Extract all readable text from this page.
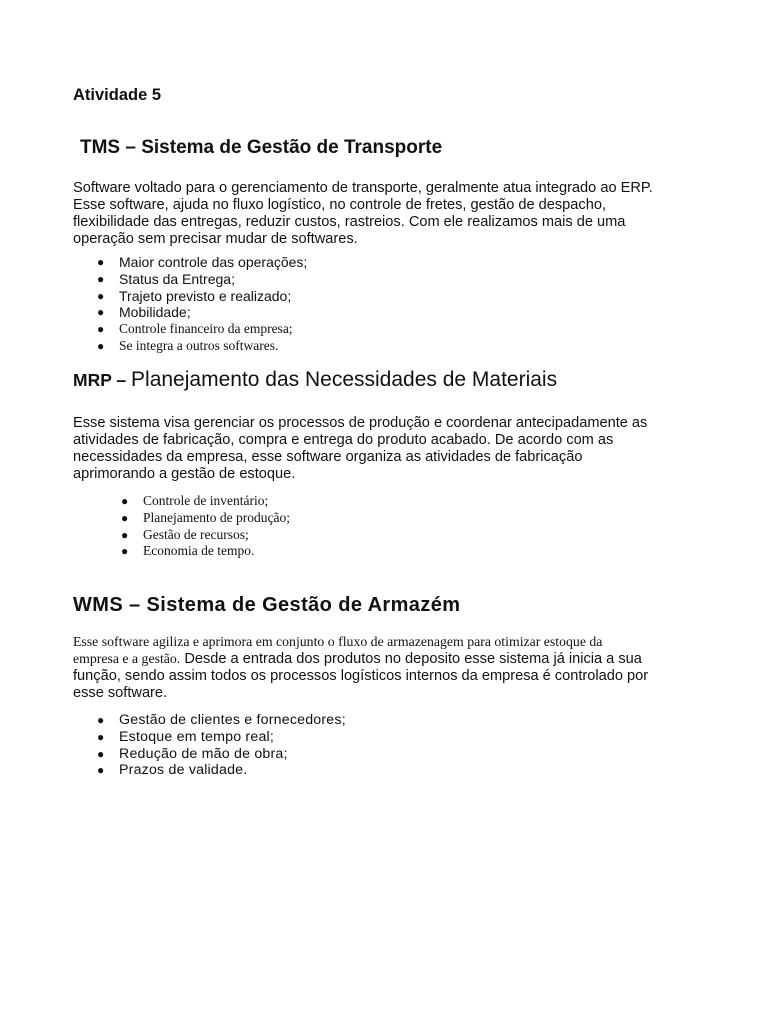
Atividade 5
TMS – Sistema de Gestão de Transporte

Software voltado para o gerenciamento de transporte, geralmente atua integrado ao ERP.
Esse software, ajuda no fluxo logístico, no controle de fretes, gestão de despacho,
flexibilidade das entregas, reduzir custos, rastreios. Com ele realizamos mais de uma
operação sem precisar mudar de softwares.

● Maior controle das operações;
● Status da Entrega;
● Trajeto previsto e realizado;
● Mobilidade;
● Controle financeiro da empresa;
● Se integra a outros softwares.
MRP – Planejamento das Necessidades de Materiais

Esse sistema visa gerenciar os processos de produção e coordenar antecipadamente as
atividades de fabricação, compra e entrega do produto acabado. De acordo com as
necessidades da empresa, esse software organiza as atividades de fabricação
aprimorando a gestão de estoque.

● Controle de inventário;
● Planejamento de produção;
● Gestão de recursos;
● Economia de tempo.
WMS – Sistema de Gestão de Armazém

Esse software agiliza e aprimora em conjunto o fluxo de armazenagem para otimizar estoque da
empresa e a gestão. Desde a entrada dos produtos no deposito esse sistema já inicia a sua
função, sendo assim todos os processos logísticos internos da empresa é controlado por
esse software.

● Gestão de clientes e fornecedores;
● Estoque em tempo real;
● Redução de mão de obra;
● Prazos de validade.
